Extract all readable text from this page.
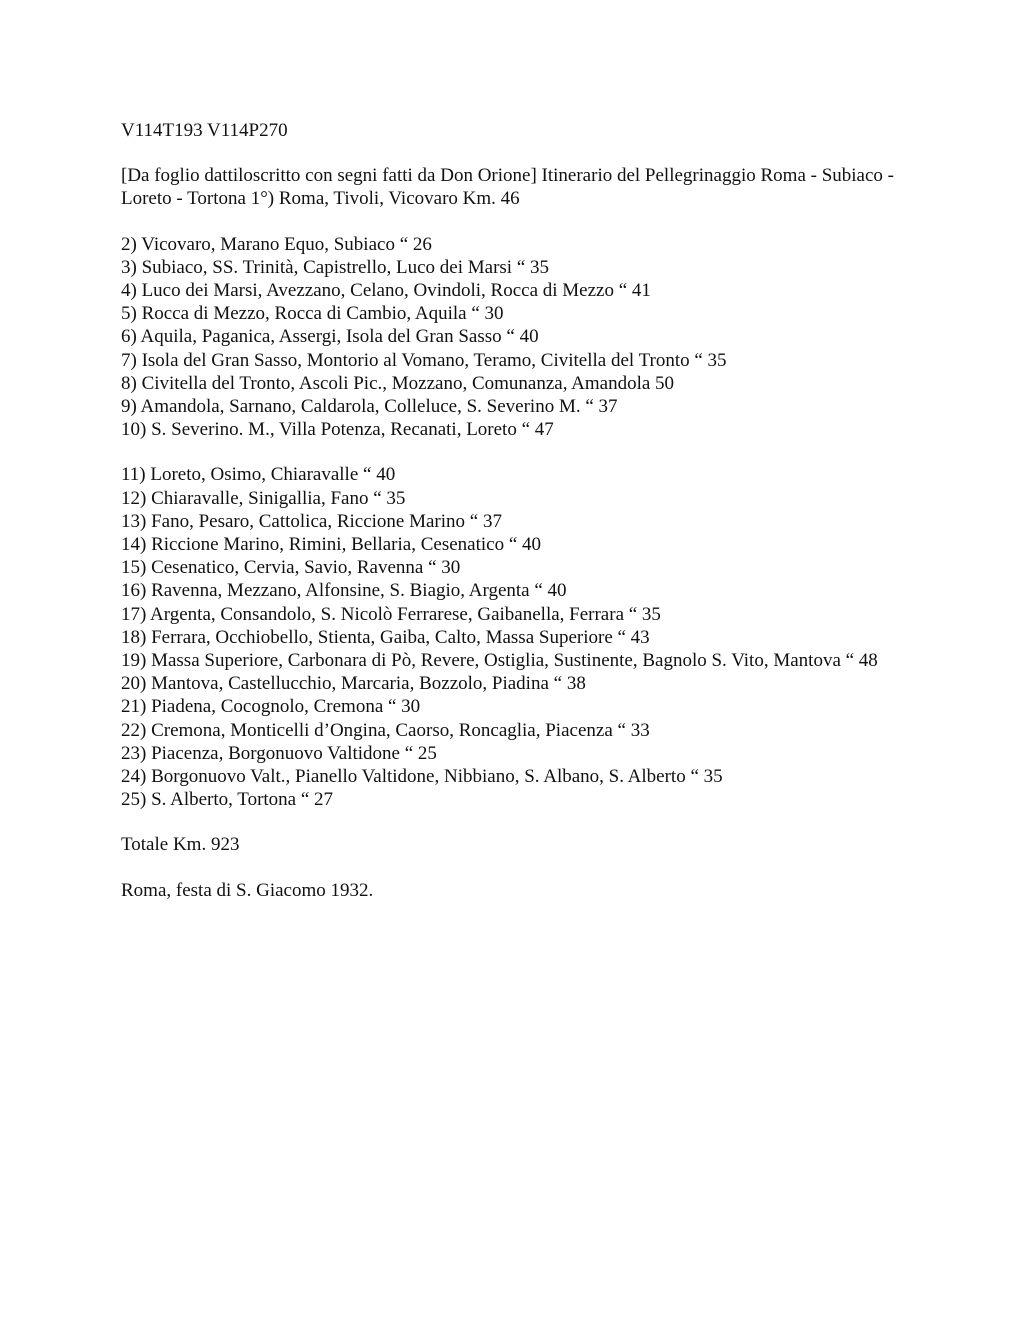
V114T193 V114P270
[Da foglio dattiloscritto con segni fatti da Don Orione] Itinerario del Pellegrinaggio Roma - Subiaco - Loreto - Tortona 1°) Roma, Tivoli, Vicovaro Km. 46
2) Vicovaro, Marano Equo, Subiaco “ 26
3) Subiaco, SS. Trinità, Capistrello, Luco dei Marsi “ 35
4) Luco dei Marsi, Avezzano, Celano, Ovindoli, Rocca di Mezzo “ 41
5) Rocca di Mezzo, Rocca di Cambio, Aquila “ 30
6) Aquila, Paganica, Assergi, Isola del Gran Sasso “ 40
7) Isola del Gran Sasso, Montorio al Vomano, Teramo, Civitella del Tronto “ 35
8) Civitella del Tronto, Ascoli Pic., Mozzano, Comunanza, Amandola 50
9) Amandola, Sarnano, Caldarola, Colleluce, S. Severino M. “ 37
10) S. Severino. M., Villa Potenza, Recanati, Loreto “ 47
11) Loreto, Osimo, Chiaravalle “ 40
12) Chiaravalle, Sinigallia, Fano “ 35
13) Fano, Pesaro, Cattolica, Riccione Marino “ 37
14) Riccione Marino, Rimini, Bellaria, Cesenatico “ 40
15) Cesenatico, Cervia, Savio, Ravenna “ 30
16) Ravenna, Mezzano, Alfonsine, S. Biagio, Argenta “ 40
17) Argenta, Consandolo, S. Nicolò Ferrarese, Gaibanella, Ferrara “ 35
18) Ferrara, Occhiobello, Stienta, Gaiba, Calto, Massa Superiore “ 43
19) Massa Superiore, Carbonara di Pò, Revere, Ostiglia, Sustinente, Bagnolo S. Vito, Mantova “ 48
20) Mantova, Castellucchio, Marcaria, Bozzolo, Piadina “ 38
21) Piadena, Cocognolo, Cremona “ 30
22) Cremona, Monticelli d’Ongina, Caorso, Roncaglia, Piacenza “ 33
23) Piacenza, Borgonuovo Valtidone “ 25
24) Borgonuovo Valt., Pianello Valtidone, Nibbiano, S. Albano, S. Alberto “ 35
25) S. Alberto, Tortona “ 27
Totale Km. 923
Roma, festa di S. Giacomo 1932.
